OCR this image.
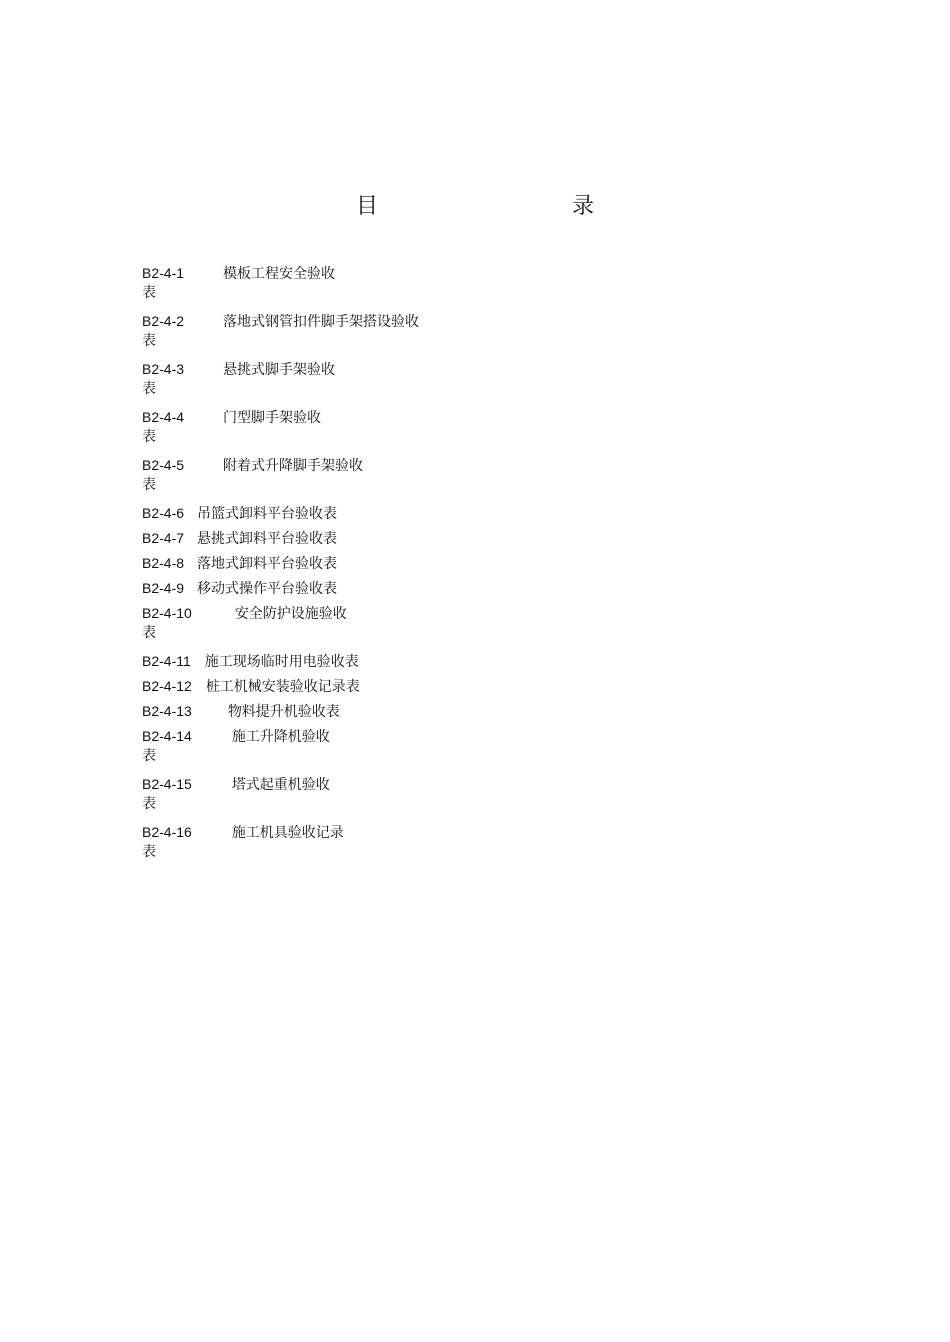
目　　录
B2-4-1	模板工程安全验收
表
B2-4-2	落地式钢管扣件脚手架搭设验收
表
B2-4-3	悬挑式脚手架验收
表
B2-4-4	门型脚手架验收
表
B2-4-5	附着式升降脚手架验收
表
B2-4-6 吊篮式卸料平台验收表
B2-4-7 悬挑式卸料平台验收表
B2-4-8 落地式卸料平台验收表
B2-4-9 移动式操作平台验收表
B2-4-10	安全防护设施验收
表
B2-4-11 施工现场临时用电验收表
B2-4-12 桩工机械安装验收记录表
B2-4-13	物料提升机验收表
B2-4-14	施工升降机验收
表
B2-4-15	塔式起重机验收
表
B2-4-16	施工机具验收记录
表
